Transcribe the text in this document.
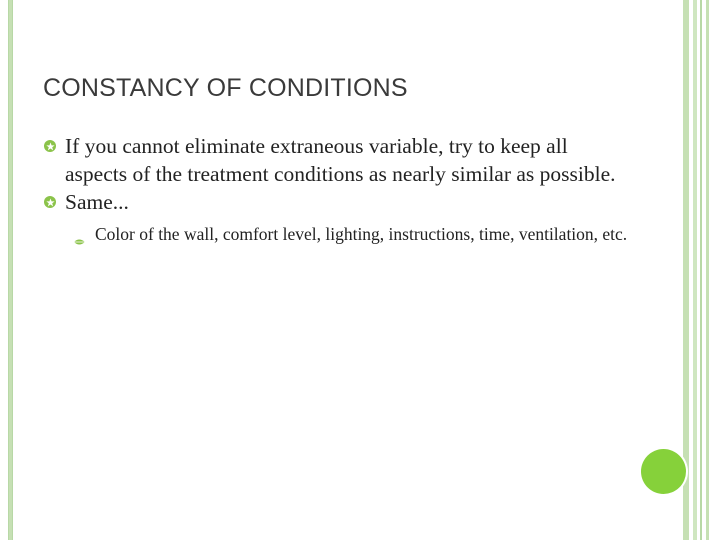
CONSTANCY OF CONDITIONS
If you cannot eliminate extraneous variable, try to keep all aspects of the treatment conditions as nearly similar as possible.
Same...
Color of the wall, comfort level, lighting, instructions, time, ventilation, etc.
